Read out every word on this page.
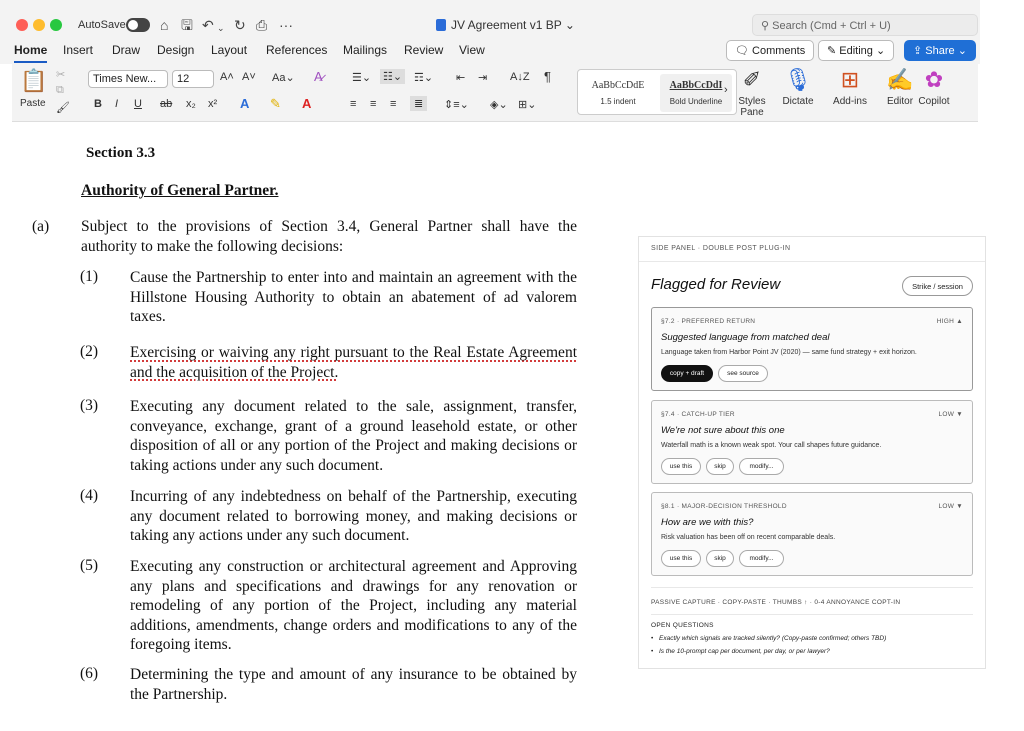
AutoSave ⌂ 🖫 ↶ ⌄ ↻ ⎙ ···	JV Agreement v1 BP ⌄	⚲ Search (Cmd + Ctrl + U)
Home Insert Draw Design Layout References Mailings Review View	🗨 Comments	✎ Editing ⌄	⇪ Share ⌄
📋
Paste
✂
⧉
🖌
Times New...	12	A˄ A˅ Aa⌄ A̷
B I U ab x₂ x² A ✎ A
☰⌄ ☷⌄ ☶⌄ ⇤ ⇥ A↓Z ¶
≡ ≡ ≡	≣	⇕≡⌄ ◈⌄ ⊞⌄
AaBbCcDdE
1.5 indent
AaBbCcDdI
Bold Underline
› ✐
Styles Pane
🎙
Dictate
⊞
Add-ins
✍
Editor
✿
Copilot
Section 3.3
Authority of General Partner.
(a) Subject to the provisions of Section 3.4, General Partner shall have the authority to make the following decisions:
(1) Cause the Partnership to enter into and maintain an agreement with the Hillstone Housing Authority to obtain an abatement of ad valorem taxes.
(2) Exercising or waiving any right pursuant to the Real Estate Agreement and the acquisition of the Project.
(3) Executing any document related to the sale, assignment, transfer, conveyance, exchange, grant of a ground leasehold estate, or other disposition of all or any portion of the Project and making decisions or taking actions under any such document.
(4) Incurring of any indebtedness on behalf of the Partnership, executing any document related to borrowing money, and making decisions or taking any actions under any such document.
(5) Executing any construction or architectural agreement and Approving any plans and specifications and drawings for any renovation or remodeling of any portion of the Project, including any material additions, amendments, change orders and modifications to any of the foregoing items.
(6) Determining the type and amount of any insurance to be obtained by the Partnership.
SIDE PANEL · DOUBLE POST PLUG-IN
Flagged for Review	Strike / session
§7.2 · PREFERRED RETURN	HIGH ▲
Suggested language from matched deal
Language taken from Harbor Point JV (2020) — same fund strategy + exit horizon.
copy + draft	see source
§7.4 · CATCH-UP TIER	LOW ▼
We're not sure about this one
Waterfall math is a known weak spot. Your call shapes future guidance.
use this	skip	modify...
§8.1 · MAJOR-DECISION THRESHOLD	LOW ▼
How are we with this?
Risk valuation has been off on recent comparable deals.
use this	skip	modify...
PASSIVE CAPTURE · COPY-PASTE · THUMBS ↑ · 0-4 ANNOYANCE COPT-IN
OPEN QUESTIONS
• Exactly which signals are tracked silently? (Copy-paste confirmed; others TBD)
• Is the 10-prompt cap per document, per day, or per lawyer?
